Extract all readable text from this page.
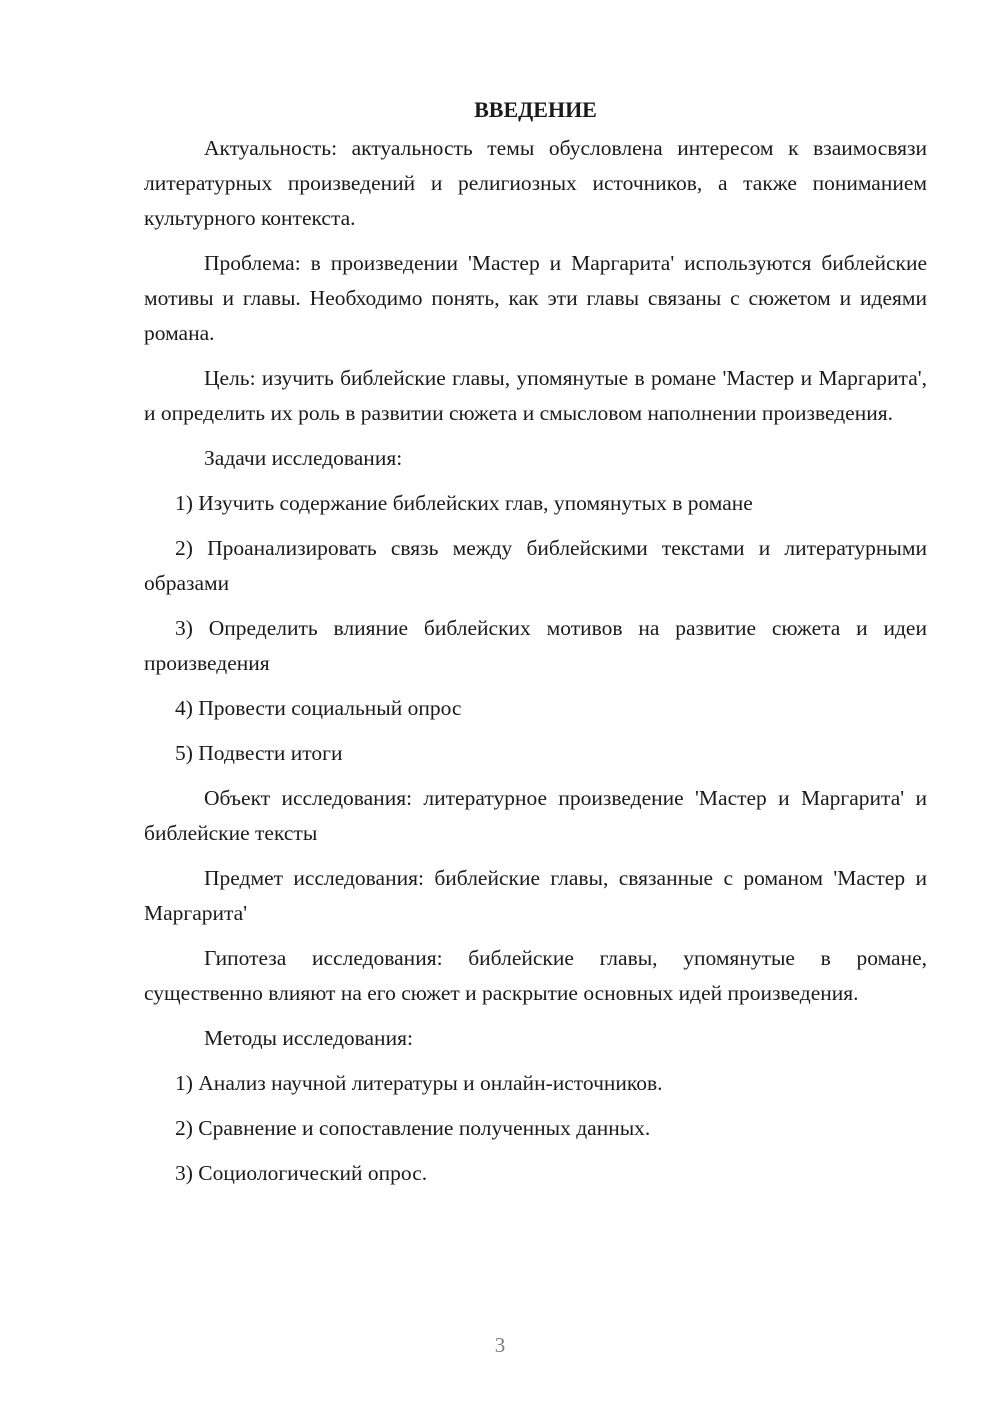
ВВЕДЕНИЕ

Актуальность: актуальность темы обусловлена интересом к взаимосвязи литературных произведений и религиозных источников, а также пониманием культурного контекста.

Проблема: в произведении 'Мастер и Маргарита' используются библейские мотивы и главы. Необходимо понять, как эти главы связаны с сюжетом и идеями романа.

Цель: изучить библейские главы, упомянутые в романе 'Мастер и Маргарита', и определить их роль в развитии сюжета и смысловом наполнении произведения.

Задачи исследования:

1) Изучить содержание библейских глав, упомянутых в романе

2) Проанализировать связь между библейскими текстами и литературными образами

3) Определить влияние библейских мотивов на развитие сюжета и идеи произведения

4) Провести социальный опрос

5) Подвести итоги

Объект исследования: литературное произведение 'Мастер и Маргарита' и библейские тексты

Предмет исследования: библейские главы, связанные с романом 'Мастер и Маргарита'

Гипотеза исследования: библейские главы, упомянутые в романе, существенно влияют на его сюжет и раскрытие основных идей произведения.

Методы исследования:

1) Анализ научной литературы и онлайн-источников.

2) Сравнение и сопоставление полученных данных.

3) Социологический опрос.

3
